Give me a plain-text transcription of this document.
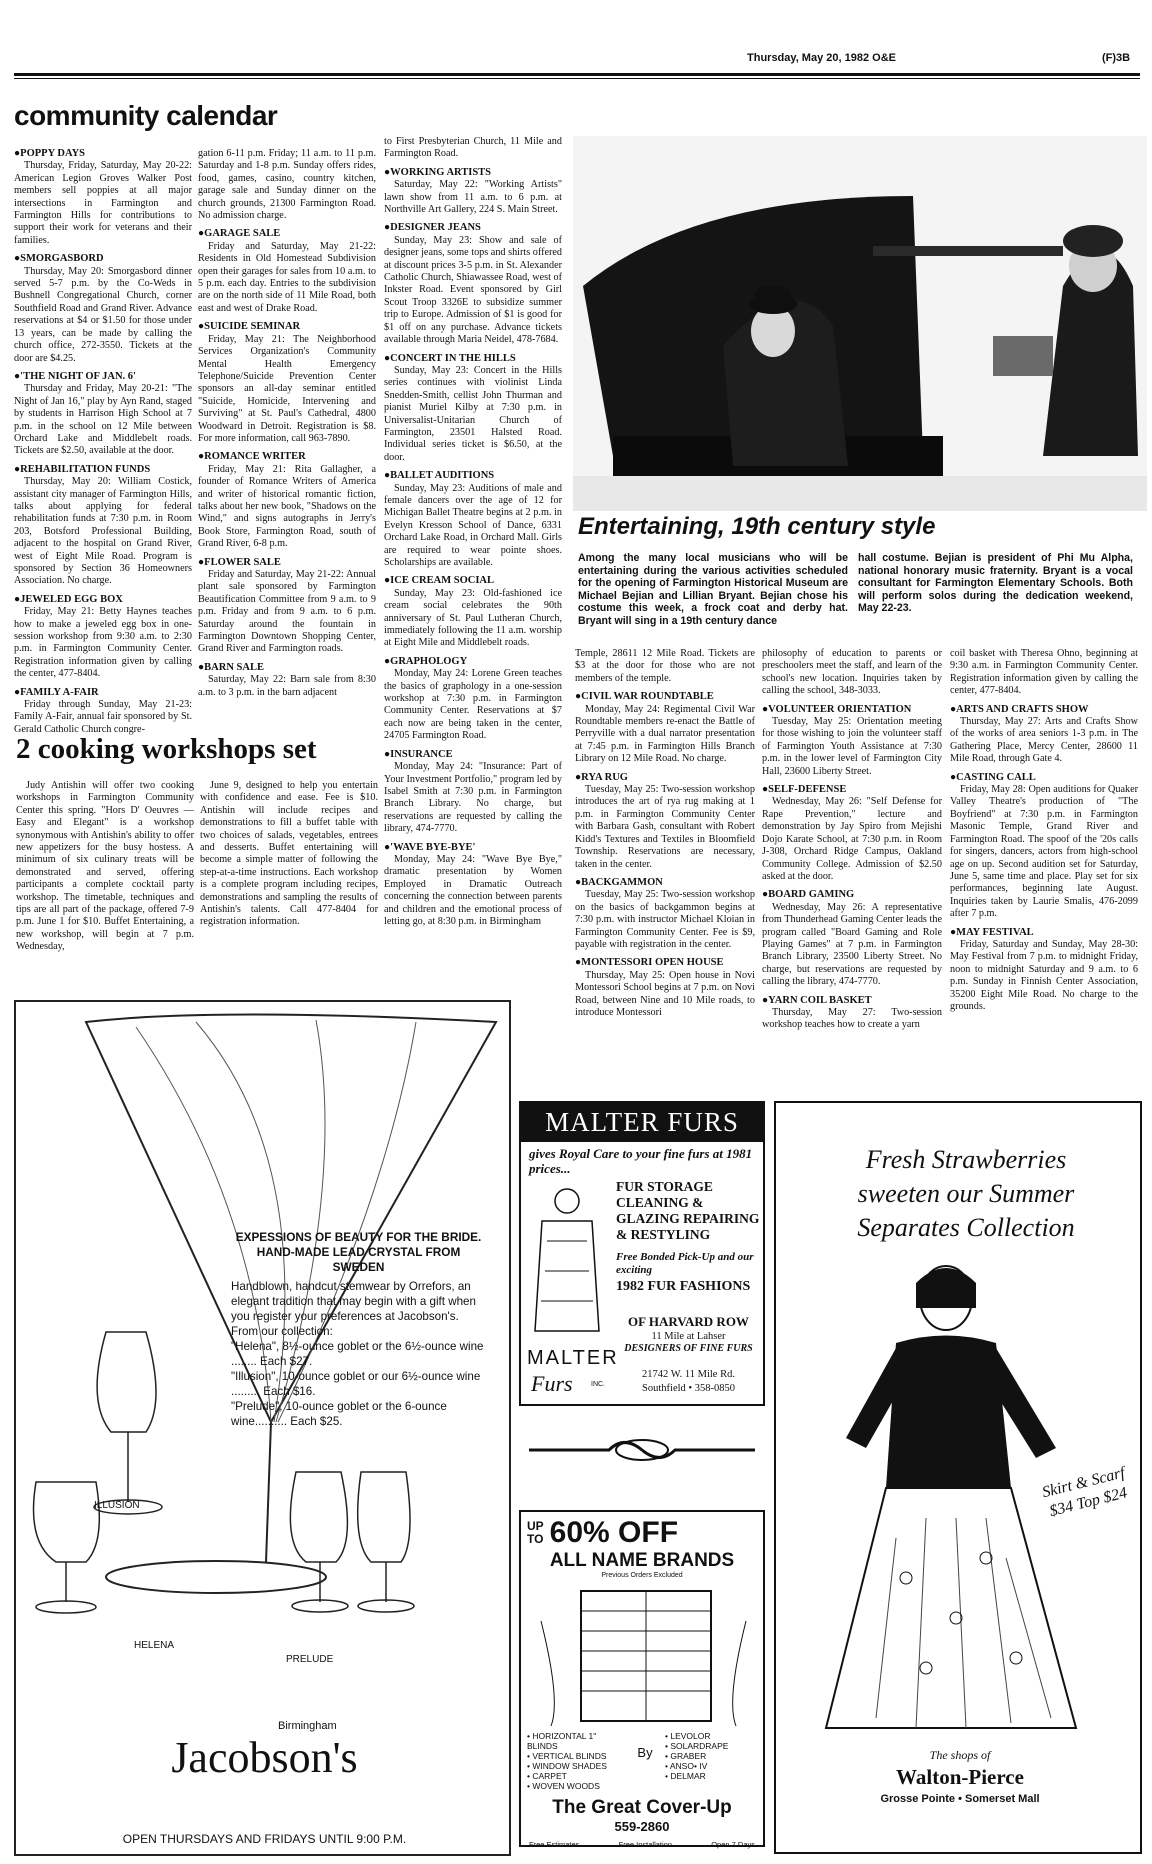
Thursday, May 20, 1982 O&E	(F)3B
community calendar
●POPPY DAYS

Thursday, Friday, Saturday, May 20-22: American Legion Groves Walker Post members sell poppies at all major intersections in Farmington and Farmington Hills for contributions to support their work for veterans and their families.

●SMORGASBORD

Thursday, May 20: Smorgasbord dinner served 5-7 p.m. by the Co-Weds in Bushnell Congregational Church, corner Southfield Road and Grand River. Advance reservations at $4 or $1.50 for those under 13 years, can be made by calling the church office, 272-3550. Tickets at the door are $4.25.

●'THE NIGHT OF JAN. 6'

Thursday and Friday, May 20-21: "The Night of Jan 16," play by Ayn Rand, staged by students in Harrison High School at 7 p.m. in the school on 12 Mile between Orchard Lake and Middlebelt roads. Tickets are $2.50, available at the door.

●REHABILITATION FUNDS

Thursday, May 20: William Costick, assistant city manager of Farmington Hills, talks about applying for federal rehabilitation funds at 7:30 p.m. in Room 203, Botsford Professional Building, adjacent to the hospital on Grand River, west of Eight Mile Road. Program is sponsored by Section 36 Homeowners Association. No charge.

●JEWELED EGG BOX

Friday, May 21: Betty Haynes teaches how to make a jeweled egg box in one-session workshop from 9:30 a.m. to 2:30 p.m. in Farmington Community Center. Registration information given by calling the center, 477-8404.

●FAMILY A-FAIR

Friday through Sunday, May 21-23: Family A-Fair, annual fair sponsored by St. Gerald Catholic Church congre-

gation 6-11 p.m. Friday; 11 a.m. to 11 p.m. Saturday and 1-8 p.m. Sunday offers rides, food, games, casino, country kitchen, garage sale and Sunday dinner on the church grounds, 21300 Farmington Road. No admission charge.

●GARAGE SALE

Friday and Saturday, May 21-22: Residents in Old Homestead Subdivision open their garages for sales from 10 a.m. to 5 p.m. each day. Entries to the subdivision are on the north side of 11 Mile Road, both east and west of Drake Road.

●SUICIDE SEMINAR

Friday, May 21: The Neighborhood Services Organization's Community Mental Health Emergency Telephone/Suicide Prevention Center sponsors an all-day seminar entitled "Suicide, Homicide, Intervening and Surviving" at St. Paul's Cathedral, 4800 Woodward in Detroit. Registration is $8. For more information, call 963-7890.

●ROMANCE WRITER

Friday, May 21: Rita Gallagher, a founder of Romance Writers of America and writer of historical romantic fiction, talks about her new book, "Shadows on the Wind," and signs autographs in Jerry's Book Store, Farmington Road, south of Grand River, 6-8 p.m.

●FLOWER SALE

Friday and Saturday, May 21-22: Annual plant sale sponsored by Farmington Beautification Committee from 9 a.m. to 9 p.m. Friday and from 9 a.m. to 6 p.m. Saturday around the fountain in Farmington Downtown Shopping Center, Grand River and Farmington roads.

●BARN SALE

Saturday, May 22: Barn sale from 8:30 a.m. to 3 p.m. in the barn adjacent

to First Presbyterian Church, 11 Mile and Farmington Road.

●WORKING ARTISTS

Saturday, May 22: "Working Artists" lawn show from 11 a.m. to 6 p.m. at Northville Art Gallery, 224 S. Main Street.

●DESIGNER JEANS

Sunday, May 23: Show and sale of designer jeans, some tops and shirts offered at discount prices 3-5 p.m. in St. Alexander Catholic Church, Shiawassee Road, west of Inkster Road. Event sponsored by Girl Scout Troop 3326E to subsidize summer trip to Europe. Admission of $1 is good for $1 off on any purchase. Advance tickets available through Maria Neidel, 478-7684.

●CONCERT IN THE HILLS

Sunday, May 23: Concert in the Hills series continues with violinist Linda Snedden-Smith, cellist John Thurman and pianist Muriel Kilby at 7:30 p.m. in Universalist-Unitarian Church of Farmington, 23501 Halsted Road. Individual series ticket is $6.50, at the door.

●BALLET AUDITIONS

Sunday, May 23: Auditions of male and female dancers over the age of 12 for Michigan Ballet Theatre begins at 2 p.m. in Evelyn Kresson School of Dance, 6331 Orchard Lake Road, in Orchard Mall. Girls are required to wear pointe shoes. Scholarships are available.

●ICE CREAM SOCIAL

Sunday, May 23: Old-fashioned ice cream social celebrates the 90th anniversary of St. Paul Lutheran Church, immediately following the 11 a.m. worship at Eight Mile and Middlebelt roads.

●GRAPHOLOGY

Monday, May 24: Lorene Green teaches the basics of graphology in a one-session workshop at 7:30 p.m. in Farmington Community Center. Reservations at $7 each now are being taken in the center, 24705 Farmington Road.

●INSURANCE

Monday, May 24: "Insurance: Part of Your Investment Portfolio," program led by Isabel Smith at 7:30 p.m. in Farmington Branch Library. No charge, but reservations are requested by calling the library, 474-7770.

●'WAVE BYE-BYE'

Monday, May 24: "Wave Bye Bye," dramatic presentation by Women Employed in Dramatic Outreach concerning the connection between parents and children and the emotional process of letting go, at 8:30 p.m. in Birmingham

Entertaining, 19th century style
Among the many local musicians who will be entertaining during the various activities scheduled for the opening of Farmington Historical Museum are Michael Bejian and Lillian Bryant. Bejian chose his costume this week, a frock coat and derby hat. Bryant will sing in a 19th century dance
hall costume. Bejian is president of Phi Mu Alpha, national honorary music fraternity. Bryant is a vocal consultant for Farmington Elementary Schools. Both will perform solos during the dedication weekend, May 22-23.

Temple, 28611 12 Mile Road. Tickets are $3 at the door for those who are not members of the temple.

●CIVIL WAR ROUNDTABLE

Monday, May 24: Regimental Civil War Roundtable members re-enact the Battle of Perryville with a dual narrator presentation at 7:45 p.m. in Farmington Hills Branch Library on 12 Mile Road. No charge.

●RYA RUG

Tuesday, May 25: Two-session workshop introduces the art of rya rug making at 1 p.m. in Farmington Community Center with Barbara Gash, consultant with Robert Kidd's Textures and Textiles in Bloomfield Township. Reservations are necessary, taken in the center.

●BACKGAMMON

Tuesday, May 25: Two-session workshop on the basics of backgammon begins at 7:30 p.m. with instructor Michael Kloian in Farmington Community Center. Fee is $9, payable with registration in the center.

●MONTESSORI OPEN HOUSE

Thursday, May 25: Open house in Novi Montessori School begins at 7 p.m. on Novi Road, between Nine and 10 Mile roads, to introduce Montessori

philosophy of education to parents or preschoolers meet the staff, and learn of the school's new location. Inquiries taken by calling the school, 348-3033.

●VOLUNTEER ORIENTATION

Tuesday, May 25: Orientation meeting for those wishing to join the volunteer staff of Farmington Youth Assistance at 7:30 p.m. in the lower level of Farmington City Hall, 23600 Liberty Street.

●SELF-DEFENSE

Wednesday, May 26: "Self Defense for Rape Prevention," lecture and demonstration by Jay Spiro from Mejishi Dojo Karate School, at 7:30 p.m. in Room J-308, Orchard Ridge Campus, Oakland Community College. Admission of $2.50 asked at the door.

●BOARD GAMING

Wednesday, May 26: A representative from Thunderhead Gaming Center leads the program called "Board Gaming and Role Playing Games" at 7 p.m. in Farmington Branch Library, 23500 Liberty Street. No charge, but reservations are requested by calling the library, 474-7770.

●YARN COIL BASKET

Thursday, May 27: Two-session workshop teaches how to create a yarn

coil basket with Theresa Ohno, beginning at 9:30 a.m. in Farmington Community Center. Registration information given by calling the center, 477-8404.

●ARTS AND CRAFTS SHOW

Thursday, May 27: Arts and Crafts Show of the works of area seniors 1-3 p.m. in The Gathering Place, Mercy Center, 28600 11 Mile Road, through Gate 4.

●CASTING CALL

Friday, May 28: Open auditions for Quaker Valley Theatre's production of "The Boyfriend" at 7:30 p.m. in Farmington Masonic Temple, Grand River and Farmington Road. The spoof of the '20s calls for singers, dancers, actors from high-school age on up. Second audition set for Saturday, June 5, same time and place. Play set for six performances, beginning late August. Inquiries taken by Laurie Smalis, 476-2099 after 7 p.m.

●MAY FESTIVAL

Friday, Saturday and Sunday, May 28-30: May Festival from 7 p.m. to midnight Friday, noon to midnight Saturday and 9 a.m. to 6 p.m. Sunday in Finnish Center Association, 35200 Eight Mile Road. No charge to the grounds.

2 cooking workshops set
Judy Antishin will offer two cooking workshops in Farmington Community Center this spring. "Hors D' Oeuvres — Easy and Elegant" is a workshop synonymous with Antishin's ability to offer new appetizers for the busy hostess. A minimum of six culinary treats will be demonstrated and served, offering participants a complete cocktail party workshop. The timetable, techniques and tips are all part of the package, offered 7-9 p.m. June 1 for $10. Buffet Entertaining, a new workshop, will begin at 7 p.m. Wednesday,
June 9, designed to help you entertain with confidence and ease. Fee is $10. Antishin will include recipes and demonstrations to fill a buffet table with two choices of salads, vegetables, entrees and desserts. Buffet entertaining will become a simple matter of following the step-at-a-time instructions. Each workshop is a complete program including recipes, demonstrations and sampling the results of Antishin's talents. Call 477-8404 for registration information.
EXPESSIONS OF BEAUTY FOR THE BRIDE. HAND-MADE LEAD CRYSTAL FROM SWEDEN
Handblown, handcut stemwear by Orrefors, an elegant tradition that may begin with a gift when you register your preferences at Jacobson's. From our collection:
"Helena", 8½-ounce goblet or the 6½-ounce wine ........ Each $27.
"Illusion", 10-ounce goblet or our 6½-ounce wine ......... Each $16.
"Prelude", 10-ounce goblet or the 6-ounce wine.......... Each $25.
ILLUSION
HELENA
PRELUDE
Birmingham
Jacobson's
OPEN THURSDAYS AND FRIDAYS UNTIL 9:00 P.M.
MALTER FURS
gives Royal Care to your fine furs at 1981 prices...
FUR STORAGE CLEANING & GLAZING REPAIRING & RESTYLING
Free Bonded Pick-Up and our exciting
1982 FUR FASHIONS
OF HARVARD ROW
11 Mile at Lahser
DESIGNERS OF FINE FURS
21742 W. 11 Mile Rd.
Southfield • 358-0850
MALTER
Furs	INC.
UP
TO 60% OFF
ALL NAME BRANDS
Previous Orders Excluded
• HORIZONTAL 1" BLINDS
• VERTICAL BLINDS
• WINDOW SHADES
• CARPET
• WOVEN WOODS
By
• LEVOLOR
• SOLARDRAPE
• GRABER
• ANSO• IV
• DELMAR
The Great Cover-Up
559-2860
Free Estimates	Free Installation	Open 7 Days
Fresh Strawberries sweeten our Summer Separates Collection
Skirt & Scarf $34 Top $24
The shops of
Walton-Pierce
Grosse Pointe • Somerset Mall
